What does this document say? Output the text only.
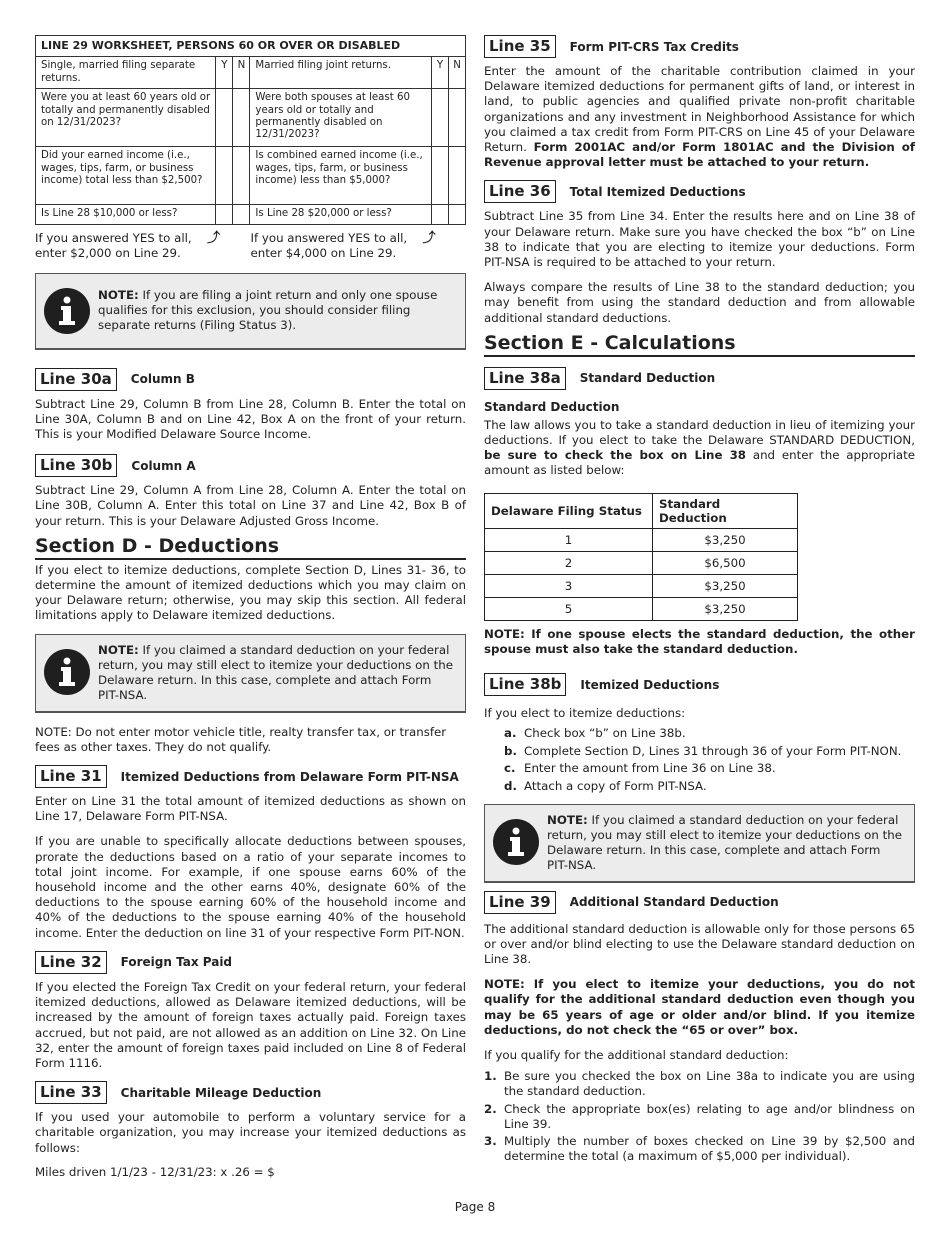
LINE 29 WORKSHEET, PERSONS 60 OR OVER OR DISABLED					
Single, married filing separate returns.	Y	N	Married filing joint returns.	Y	N
Were you at least 60 years old or totally and permanently disabled on 12/31/2023?			Were both spouses at least 60 years old or totally and permanently disabled on 12/31/2023?		
Did your earned income (i.e., wages, tips, farm, or business income) total less than $2,500?			Is combined earned income (i.e., wages, tips, farm, or business income) less than $5,000?		
Is Line 28 $10,000 or less?			Is Line 28 $20,000 or less?		
If you answered YES to all, enter $2,000 on Line 29.
⤴	If you answered YES to all, enter $4,000 on Line 29.
⤴
NOTE: If you are filing a joint return and only one spouse qualifies for this exclusion, you should consider filing separate returns (Filing Status 3).
Line 30a	Column B

Subtract Line 29, Column B from Line 28, Column B. Enter the total on Line 30A, Column B and on Line 42, Box A on the front of your return. This is your Modified Delaware Source Income.

Line 30b	Column A

Subtract Line 29, Column A from Line 28, Column A. Enter the total on Line 30B, Column A. Enter this total on Line 37 and Line 42, Box B of your return. This is your Delaware Adjusted Gross Income.

Section D - Deductions

If you elect to itemize deductions, complete Section D, Lines 31- 36, to determine the amount of itemized deductions which you may claim on your Delaware return; otherwise, you may skip this section. All federal limitations apply to Delaware itemized deductions.

NOTE: If you claimed a standard deduction on your federal return, you may still elect to itemize your deductions on the Delaware return. In this case, complete and attach Form PIT-NSA.

NOTE: Do not enter motor vehicle title, realty transfer tax, or transfer fees as other taxes. They do not qualify.

Line 31	Itemized Deductions from Delaware Form PIT-NSA

Enter on Line 31 the total amount of itemized deductions as shown on Line 17, Delaware Form PIT-NSA.

If you are unable to specifically allocate deductions between spouses, prorate the deductions based on a ratio of your separate incomes to total joint income. For example, if one spouse earns 60% of the household income and the other earns 40%, designate 60% of the deductions to the spouse earning 60% of the household income and 40% of the deductions to the spouse earning 40% of the household income. Enter the deduction on line 31 of your respective Form PIT-NON.

Line 32	Foreign Tax Paid

If you elected the Foreign Tax Credit on your federal return, your federal itemized deductions, allowed as Delaware itemized deductions, will be increased by the amount of foreign taxes actually paid. Foreign taxes accrued, but not paid, are not allowed as an addition on Line 32. On Line 32, enter the amount of foreign taxes paid included on Line 8 of Federal Form 1116.

Line 33	Charitable Mileage Deduction

If you used your automobile to perform a voluntary service for a charitable organization, you may increase your itemized deductions as follows:

Miles driven 1/1/23 - 12/31/23: x .26 = $

Line 35	Form PIT-CRS Tax Credits

Enter the amount of the charitable contribution claimed in your Delaware itemized deductions for permanent gifts of land, or interest in land, to public agencies and qualified private non-profit charitable organizations and any investment in Neighborhood Assistance for which you claimed a tax credit from Form PIT-CRS on Line 45 of your Delaware Return. Form 2001AC and/or Form 1801AC and the Division of Revenue approval letter must be attached to your return.

Line 36	Total Itemized Deductions

Subtract Line 35 from Line 34. Enter the results here and on Line 38 of your Delaware return. Make sure you have checked the box “b” on Line 38 to indicate that you are electing to itemize your deductions. Form PIT-NSA is required to be attached to your return.

Always compare the results of Line 38 to the standard deduction; you may benefit from using the standard deduction and from allowable additional standard deductions.

Section E - Calculations
Line 38a	Standard Deduction
Standard Deduction

The law allows you to take a standard deduction in lieu of itemizing your deductions. If you elect to take the Delaware STANDARD DEDUCTION, be sure to check the box on Line 38 and enter the appropriate amount as listed below:

Delaware Filing Status	Standard Deduction
1	$3,250
2	$6,500
3	$3,250
5	$3,250

NOTE: If one spouse elects the standard deduction, the other spouse must also take the standard deduction.

Line 38b	Itemized Deductions

If you elect to itemize deductions:

a. Check box “b” on Line 38b.
b. Complete Section D, Lines 31 through 36 of your Form PIT-NON.
c. Enter the amount from Line 36 on Line 38.
d. Attach a copy of Form PIT-NSA.
NOTE: If you claimed a standard deduction on your federal return, you may still elect to itemize your deductions on the Delaware return. In this case, complete and attach Form PIT-NSA.
Line 39	Additional Standard Deduction

The additional standard deduction is allowable only for those persons 65 or over and/or blind electing to use the Delaware standard deduction on Line 38.

NOTE: If you elect to itemize your deductions, you do not qualify for the additional standard deduction even though you may be 65 years of age or older and/or blind. If you itemize deductions, do not check the “65 or over” box.

If you qualify for the additional standard deduction:

1. Be sure you checked the box on Line 38a to indicate you are using the standard deduction.
2. Check the appropriate box(es) relating to age and/or blindness on Line 39.
3. Multiply the number of boxes checked on Line 39 by $2,500 and determine the total (a maximum of $5,000 per individual).
Page 8
